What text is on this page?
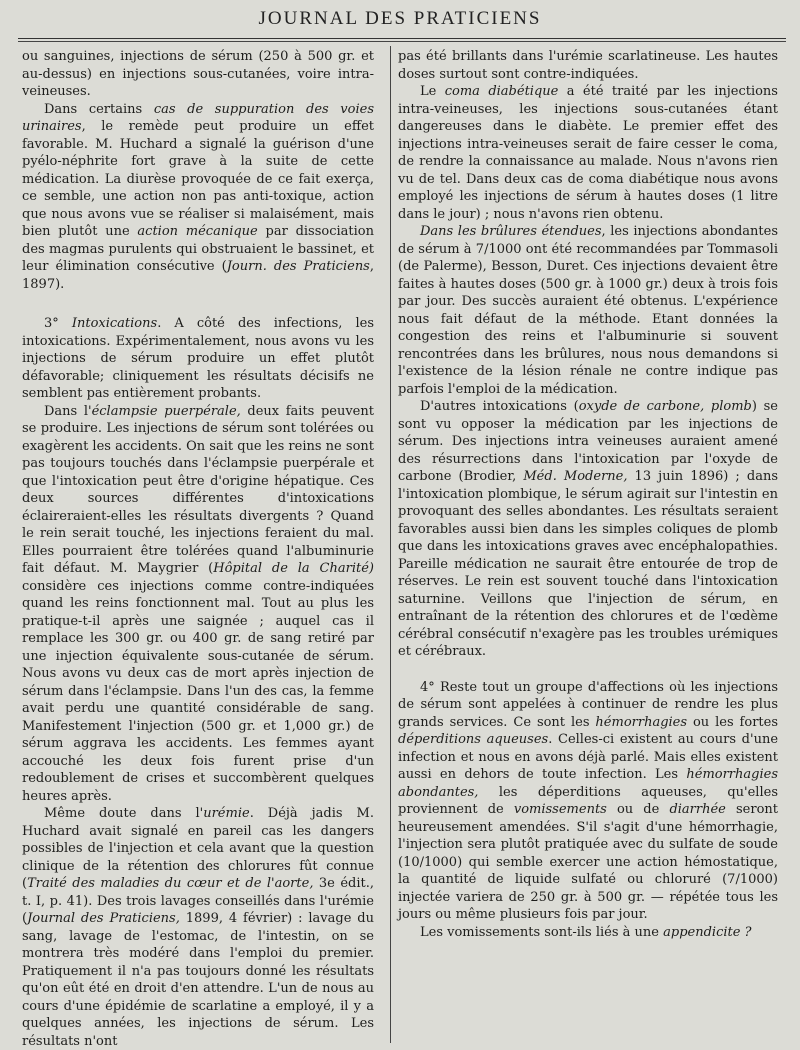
JOURNAL DES PRATICIENS

ou sanguines, injections de sérum (250 à 500 gr. et au-dessus) en injections sous-cutanées, voire intra-veineuses.

Dans certains cas de suppuration des voies urinaires, le remède peut produire un effet favorable. M. Huchard a signalé la guérison d'une pyélo-néphrite fort grave à la suite de cette médication. La diurèse provoquée de ce fait exerça, ce semble, une action non pas anti-toxique, action que nous avons vue se réaliser si malaisément, mais bien plutôt une action mécanique par dissociation des magmas purulents qui obstruaient le bassinet, et leur élimination consécutive (Journ. des Praticiens, 1897).

3° Intoxications. A côté des infections, les intoxications. Expérimentalement, nous avons vu les injections de sérum produire un effet plutôt défavorable; cliniquement les résultats décisifs ne semblent pas entièrement probants.

Dans l'éclampsie puerpérale, deux faits peuvent se produire. Les injections de sérum sont tolérées ou exagèrent les accidents. On sait que les reins ne sont pas toujours touchés dans l'éclampsie puerpérale et que l'intoxication peut être d'origine hépatique. Ces deux sources différentes d'intoxications éclaireraient-elles les résultats divergents ? Quand le rein serait touché, les injections feraient du mal. Elles pourraient être tolérées quand l'albuminurie fait défaut. M. Maygrier (Hôpital de la Charité) considère ces injections comme contre-indiquées quand les reins fonctionnent mal. Tout au plus les pratique-t-il après une saignée ; auquel cas il remplace les 300 gr. ou 400 gr. de sang retiré par une injection équivalente sous-cutanée de sérum. Nous avons vu deux cas de mort après injection de sérum dans l'éclampsie. Dans l'un des cas, la femme avait perdu une quantité considérable de sang. Manifestement l'injection (500 gr. et 1,000 gr.) de sérum aggrava les accidents. Les femmes ayant accouché les deux fois furent prise d'un redoublement de crises et succombèrent quelques heures après.

Même doute dans l'urémie. Déjà jadis M. Huchard avait signalé en pareil cas les dangers possibles de l'injection et cela avant que la question clinique de la rétention des chlorures fût connue (Traité des maladies du cœur et de l'aorte, 3e édit., t. I, p. 41). Des trois lavages conseillés dans l'urémie (Journal des Praticiens, 1899, 4 février) : lavage du sang, lavage de l'estomac, de l'intestin, on se montrera très modéré dans l'emploi du premier. Pratiquement il n'a pas toujours donné les résultats qu'on eût été en droit d'en attendre. L'un de nous au cours d'une épidémie de scarlatine a employé, il y a quelques années, les injections de sérum. Les résultats n'ont

pas été brillants dans l'urémie scarlatineuse. Les hautes doses surtout sont contre-indiquées.

Le coma diabétique a été traité par les injections intra-veineuses, les injections sous-cutanées étant dangereuses dans le diabète. Le premier effet des injections intra-veineuses serait de faire cesser le coma, de rendre la connaissance au malade. Nous n'avons rien vu de tel. Dans deux cas de coma diabétique nous avons employé les injections de sérum à hautes doses (1 litre dans le jour) ; nous n'avons rien obtenu.

Dans les brûlures étendues, les injections abondantes de sérum à 7/1000 ont été recommandées par Tommasoli (de Palerme), Besson, Duret. Ces injections devaient être faites à hautes doses (500 gr. à 1000 gr.) deux à trois fois par jour. Des succès auraient été obtenus. L'expérience nous fait défaut de la méthode. Etant données la congestion des reins et l'albuminurie si souvent rencontrées dans les brûlures, nous nous demandons si l'existence de la lésion rénale ne contre indique pas parfois l'emploi de la médication.

D'autres intoxications (oxyde de carbone, plomb) se sont vu opposer la médication par les injections de sérum. Des injections intra veineuses auraient amené des résurrections dans l'intoxication par l'oxyde de carbone (Brodier, Méd. Moderne, 13 juin 1896) ; dans l'intoxication plombique, le sérum agirait sur l'intestin en provoquant des selles abondantes. Les résultats seraient favorables aussi bien dans les simples coliques de plomb que dans les intoxications graves avec encéphalopathies. Pareille médication ne saurait être entourée de trop de réserves. Le rein est souvent touché dans l'intoxication saturnine. Veillons que l'injection de sérum, en entraînant de la rétention des chlorures et de l'œdème cérébral consécutif n'exagère pas les troubles urémiques et cérébraux.

4° Reste tout un groupe d'affections où les injections de sérum sont appelées à continuer de rendre les plus grands services. Ce sont les hémorrhagies ou les fortes déperditions aqueuses. Celles-ci existent au cours d'une infection et nous en avons déjà parlé. Mais elles existent aussi en dehors de toute infection. Les hémorrhagies abondantes, les déperditions aqueuses, qu'elles proviennent de vomissements ou de diarrhée seront heureusement amendées. S'il s'agit d'une hémorrhagie, l'injection sera plutôt pratiquée avec du sulfate de soude (10/1000) qui semble exercer une action hémostatique, la quantité de liquide sulfaté ou chloruré (7/1000) injectée variera de 250 gr. à 500 gr. — répétée tous les jours ou même plusieurs fois par jour.

Les vomissements sont-ils liés à une appendicite ?
